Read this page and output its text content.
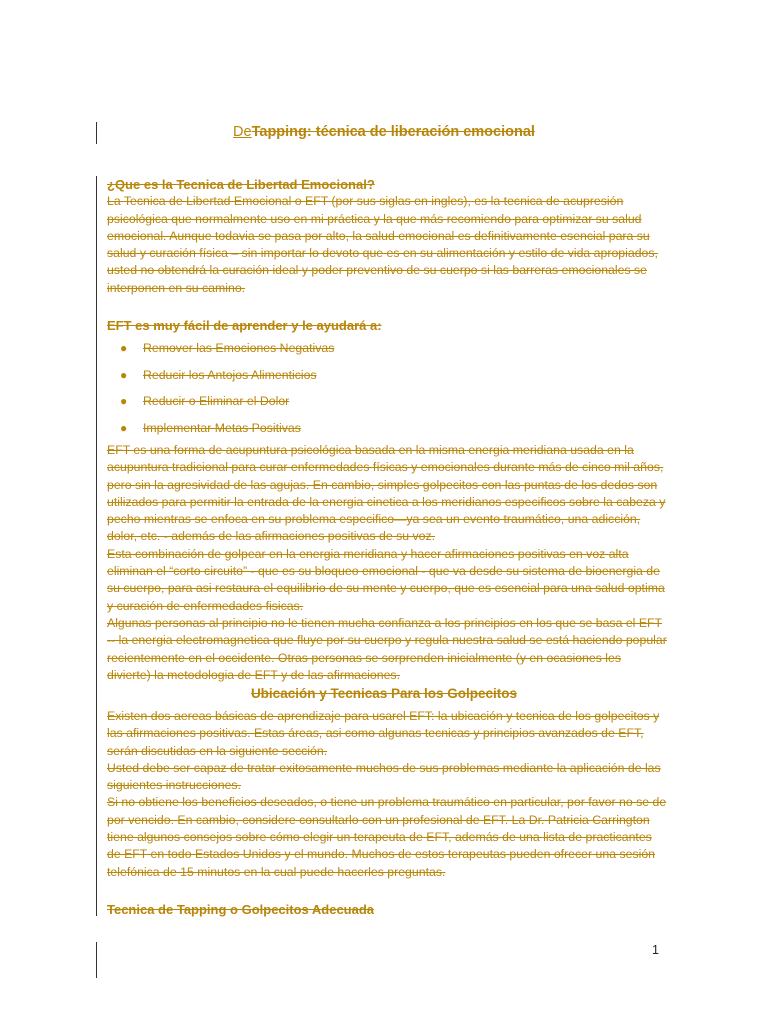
DeTapping: técnica de liberación emocional

¿Que es la Tecnica de Libertad Emocional?

La Tecnica de Libertad Emocional o EFT (por sus siglas en ingles), es la tecnica de acupresión psicológica que normalmente uso en mi práctica y la que más recomiendo para optimizar su salud emocional. Aunque todavia se pasa por alto, la salud emocional es definitivamente esencial para su salud y curación física – sin importar lo devoto que es en su alimentación y estilo de vida apropiados, usted no obtendrá la curación ideal y poder preventivo de su cuerpo si las barreras emocionales se interponen en su camino.

EFT es muy fácil de aprender y le ayudará a:
● Remover las Emociones Negativas
● Reducir los Antojos Alimenticios
● Reducir o Eliminar el Dolor
● Implementar Metas Positivas

EFT es una forma de acupuntura psicológica basada en la misma energia meridiana usada en la acupuntura tradicional para curar enfermedades físicas y emocionales durante más de cinco mil años, pero sin la agresividad de las agujas. En cambio, simples golpecitos con las puntas de los dedos son utilizados para permitir la entrada de la energia cinetica a los meridianos especificos sobre la cabeza y pecho mientras se enfoca en su problema especifico—ya sea un evento traumático, una adicción, dolor, etc. - además de las afirmaciones positivas de su voz.

Esta combinación de golpear en la energia meridiana y hacer afirmaciones positivas en voz alta eliminan el “corto circuito” - que es su bloqueo emocional - que va desde su sistema de bioenergia de su cuerpo, para asi restaura el equilibrio de su mente y cuerpo, que es esencial para una salud optima y curación de enfermedades fisicas.

Algunas personas al principio no le tienen mucha confianza a los principios en los que se basa el EFT -- la energia electromagnetica que fluye por su cuerpo y regula nuestra salud se está haciendo popular recientemente en el occidente. Otras personas se sorprenden inicialmente (y en ocasiones les divierte) la metodologia de EFT y de las afirmaciones.

Ubicación y Tecnicas Para los Golpecitos

Existen dos aereas básicas de aprendizaje para usarel EFT: la ubicación y tecnica de los golpecitos y las afirmaciones positivas. Estas áreas, asi como algunas tecnicas y principios avanzados de EFT, serán discutidas en la siguiente sección.

Usted debe ser capaz de tratar exitosamente muchos de sus problemas mediante la aplicación de las siguientes instrucciones.

Si no obtiene los beneficios deseados, o tiene un problema traumático en particular, por favor no se de por vencido. En cambio, considere consultarlo con un profesional de EFT. La Dr. Patricia Carrington tiene algunos consejos sobre cómo elegir un terapeuta de EFT, además de una lista de practicantes de EFT en todo Estados Unidos y el mundo. Muchos de estos terapeutas pueden ofrecer una sesión telefónica de 15 minutos en la cual puede hacerles preguntas.

Tecnica de Tapping o Golpecitos Adecuada
1
